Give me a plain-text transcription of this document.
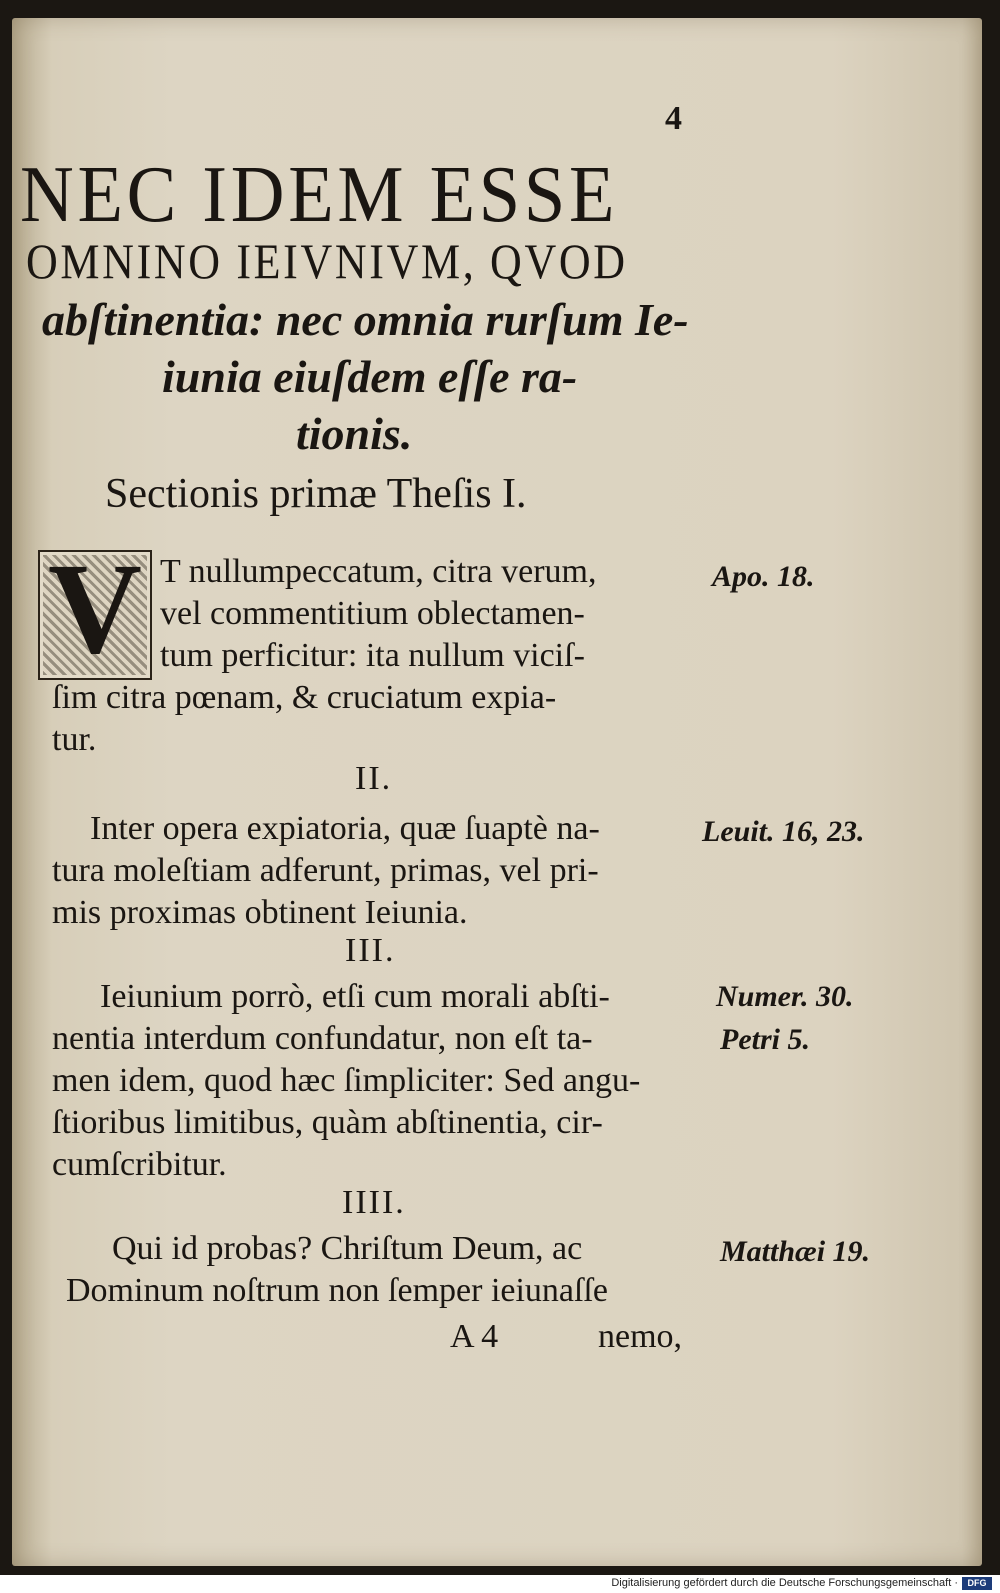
4
NEC IDEM ESSE
OMNINO IEIVNIVM, QVOD
abſtinentia: nec omnia rurſum Ie-
iunia eiuſdem eſſe ra-
tionis.
Sectionis primæ Theſis I.
V T nullumpeccatum, citra verum,
vel commentitium oblectamen-
tum perficitur: ita nullum viciſ-
ſim citra pœnam, & cruciatum expia-
tur.
II.
Inter opera expiatoria, quæ ſuaptè na-
tura moleſtiam adferunt, primas, vel pri-
mis proximas obtinent Ieiunia.
III.
Ieiunium porrò, etſi cum morali abſti-
nentia interdum confundatur, non eſt ta-
men idem, quod hæc ſimpliciter: Sed angu-
ſtioribus limitibus, quàm abſtinentia, cir-
cumſcribitur.
IIII.
Qui id probas? Chriſtum Deum, ac
Dominum noſtrum non ſemper ieiunaſſe
A 4	nemo,
Apo. 18.
Leuit. 16, 23.
Numer. 30.
Petri 5.
Matthæi 19.
Digitalisierung gefördert durch die Deutsche Forschungsgemeinschaft ·	DFG
